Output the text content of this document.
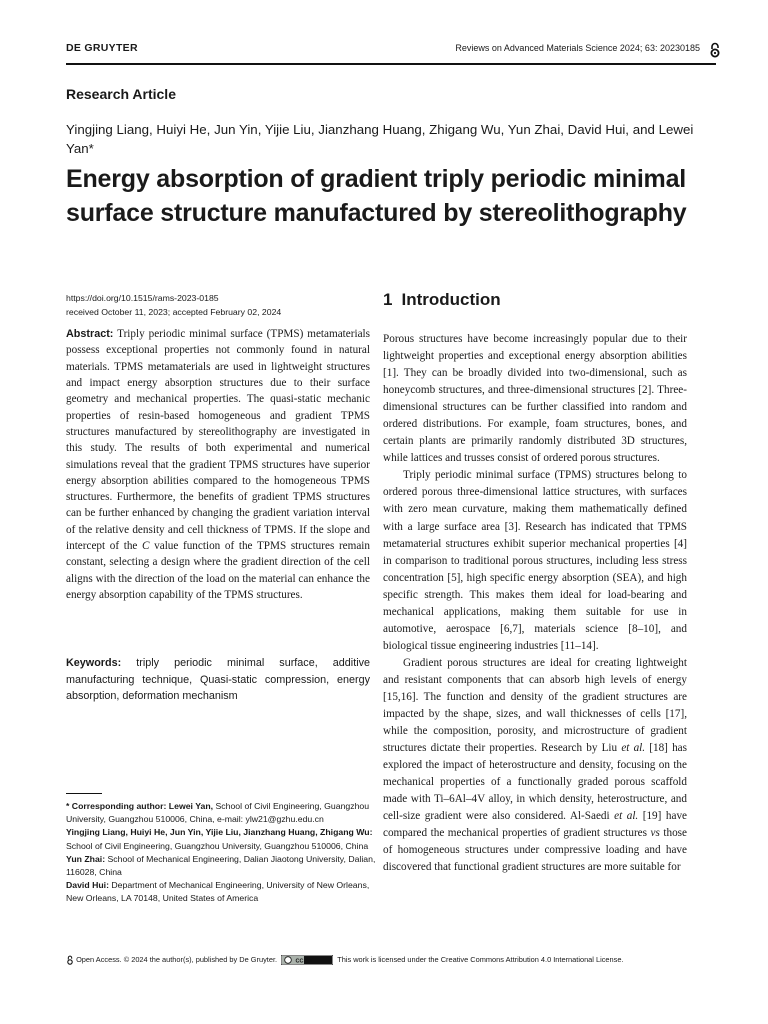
DE GRUYTER	Reviews on Advanced Materials Science 2024; 63: 20230185
Research Article
Yingjing Liang, Huiyi He, Jun Yin, Yijie Liu, Jianzhang Huang, Zhigang Wu, Yun Zhai, David Hui, and Lewei Yan*
Energy absorption of gradient triply periodic minimal surface structure manufactured by stereolithography
https://doi.org/10.1515/rams-2023-0185
received October 11, 2023; accepted February 02, 2024
Abstract: Triply periodic minimal surface (TPMS) metamaterials possess exceptional properties not commonly found in natural materials. TPMS metamaterials are used in lightweight structures and impact energy absorption structures due to their surface geometry and mechanical properties. The quasi-static mechanic properties of resin-based homogeneous and gradient TPMS structures manufactured by stereolithography are investigated in this study. The results of both experimental and numerical simulations reveal that the gradient TPMS structures have superior energy absorption abilities compared to the homogeneous TPMS structures. Furthermore, the benefits of gradient TPMS structures can be further enhanced by changing the gradient variation interval of the relative density and cell thickness of TPMS. If the slope and intercept of the C value function of the TPMS structures remain constant, selecting a design where the gradient direction of the cell aligns with the direction of the load on the material can enhance the energy absorption capability of the TPMS structures.
Keywords: triply periodic minimal surface, additive manufacturing technique, Quasi-static compression, energy absorption, deformation mechanism
* Corresponding author: Lewei Yan, School of Civil Engineering, Guangzhou University, Guangzhou 510006, China, e-mail: ylw21@gzhu.edu.cn
Yingjing Liang, Huiyi He, Jun Yin, Yijie Liu, Jianzhang Huang, Zhigang Wu: School of Civil Engineering, Guangzhou University, Guangzhou 510006, China
Yun Zhai: School of Mechanical Engineering, Dalian Jiaotong University, Dalian, 116028, China
David Hui: Department of Mechanical Engineering, University of New Orleans, New Orleans, LA 70148, United States of America
1 Introduction

Porous structures have become increasingly popular due to their lightweight properties and exceptional energy absorption abilities [1]. They can be broadly divided into two-dimensional, such as honeycomb structures, and three-dimensional structures [2]. Three-dimensional structures can be further classified into random and ordered distributions. For example, foam structures, bones, and certain plants are primarily randomly distributed 3D structures, while lattices and trusses consist of ordered porous structures.

Triply periodic minimal surface (TPMS) structures belong to ordered porous three-dimensional lattice structures, with surfaces with zero mean curvature, making them mathematically defined with a large surface area [3]. Research has indicated that TPMS metamaterial structures exhibit superior mechanical properties [4] in comparison to traditional porous structures, including less stress concentration [5], high specific energy absorption (SEA), and high specific strength. This makes them ideal for load-bearing and mechanical applications, making them suitable for use in automotive, aerospace [6,7], materials science [8–10], and biological tissue engineering industries [11–14].

Gradient porous structures are ideal for creating lightweight and resistant components that can absorb high levels of energy [15,16]. The function and density of the gradient structures are impacted by the shape, sizes, and wall thicknesses of cells [17], while the composition, porosity, and microstructure of gradient structures dictate their properties. Research by Liu et al. [18] has explored the impact of heterostructure and density, focusing on the mechanical properties of a functionally graded porous scaffold made with Ti–6Al–4V alloy, in which density, heterostructure, and cell-size gradient were also considered. Al-Saedi et al. [19] have compared the mechanical properties of gradient structures vs those of homogeneous structures under compressive loading and have discovered that functional gradient structures are more suitable for

Open Access. © 2024 the author(s), published by De Gruyter.	CC BY	This work is licensed under the Creative Commons Attribution 4.0 International License.
